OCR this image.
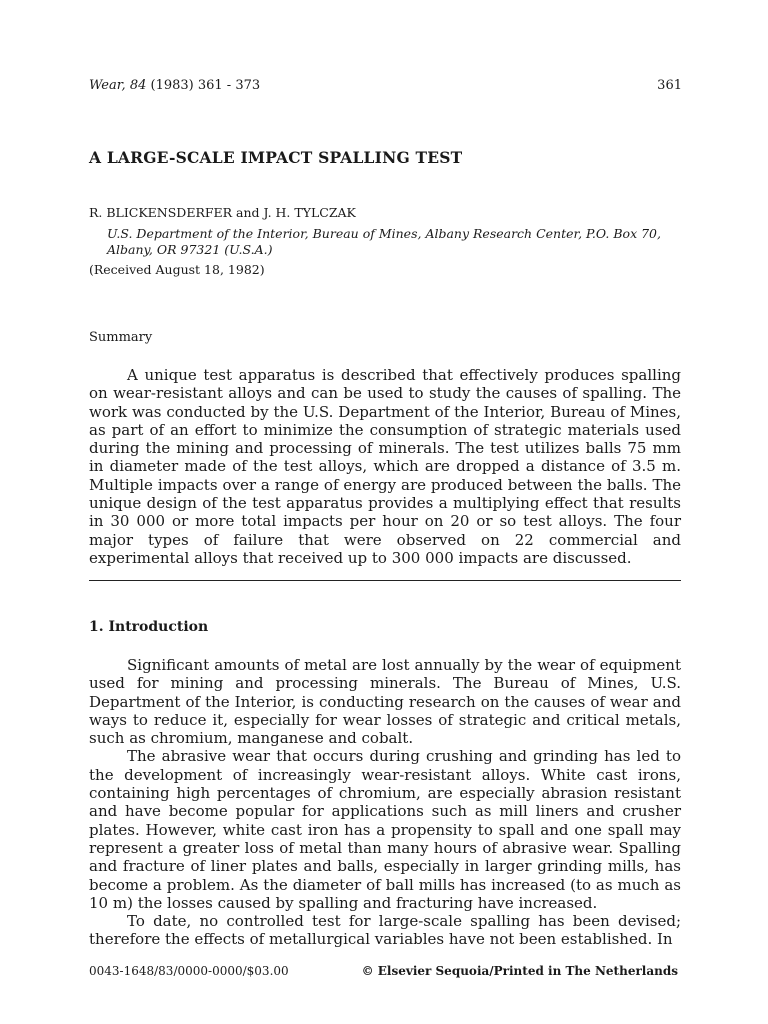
Wear, 84 (1983) 361 - 373	361
A LARGE-SCALE IMPACT SPALLING TEST
R. BLICKENSDERFER and J. H. TYLCZAK
U.S. Department of the Interior, Bureau of Mines, Albany Research Center, P.O. Box 70, Albany, OR 97321 (U.S.A.)
(Received August 18, 1982)
Summary

A unique test apparatus is described that effectively produces spalling on wear-resistant alloys and can be used to study the causes of spalling. The work was conducted by the U.S. Department of the Interior, Bureau of Mines, as part of an effort to minimize the consumption of strategic materials used during the mining and processing of minerals. The test utilizes balls 75 mm in diameter made of the test alloys, which are dropped a distance of 3.5 m. Multiple impacts over a range of energy are produced between the balls. The unique design of the test apparatus provides a multiplying effect that results in 30 000 or more total impacts per hour on 20 or so test alloys. The four major types of failure that were observed on 22 commercial and experimental alloys that received up to 300 000 impacts are discussed.

1. Introduction

Significant amounts of metal are lost annually by the wear of equipment used for mining and processing minerals. The Bureau of Mines, U.S. Department of the Interior, is conducting research on the causes of wear and ways to reduce it, especially for wear losses of strategic and critical metals, such as chromium, manganese and cobalt.

The abrasive wear that occurs during crushing and grinding has led to the development of increasingly wear-resistant alloys. White cast irons, containing high percentages of chromium, are especially abrasion resistant and have become popular for applications such as mill liners and crusher plates. However, white cast iron has a propensity to spall and one spall may represent a greater loss of metal than many hours of abrasive wear. Spalling and fracture of liner plates and balls, especially in larger grinding mills, has become a problem. As the diameter of ball mills has increased (to as much as 10 m) the losses caused by spalling and fracturing have increased.

To date, no controlled test for large-scale spalling has been devised; therefore the effects of metallurgical variables have not been established. In

0043-1648/83/0000-0000/$03.00	© Elsevier Sequoia/Printed in The Netherlands
